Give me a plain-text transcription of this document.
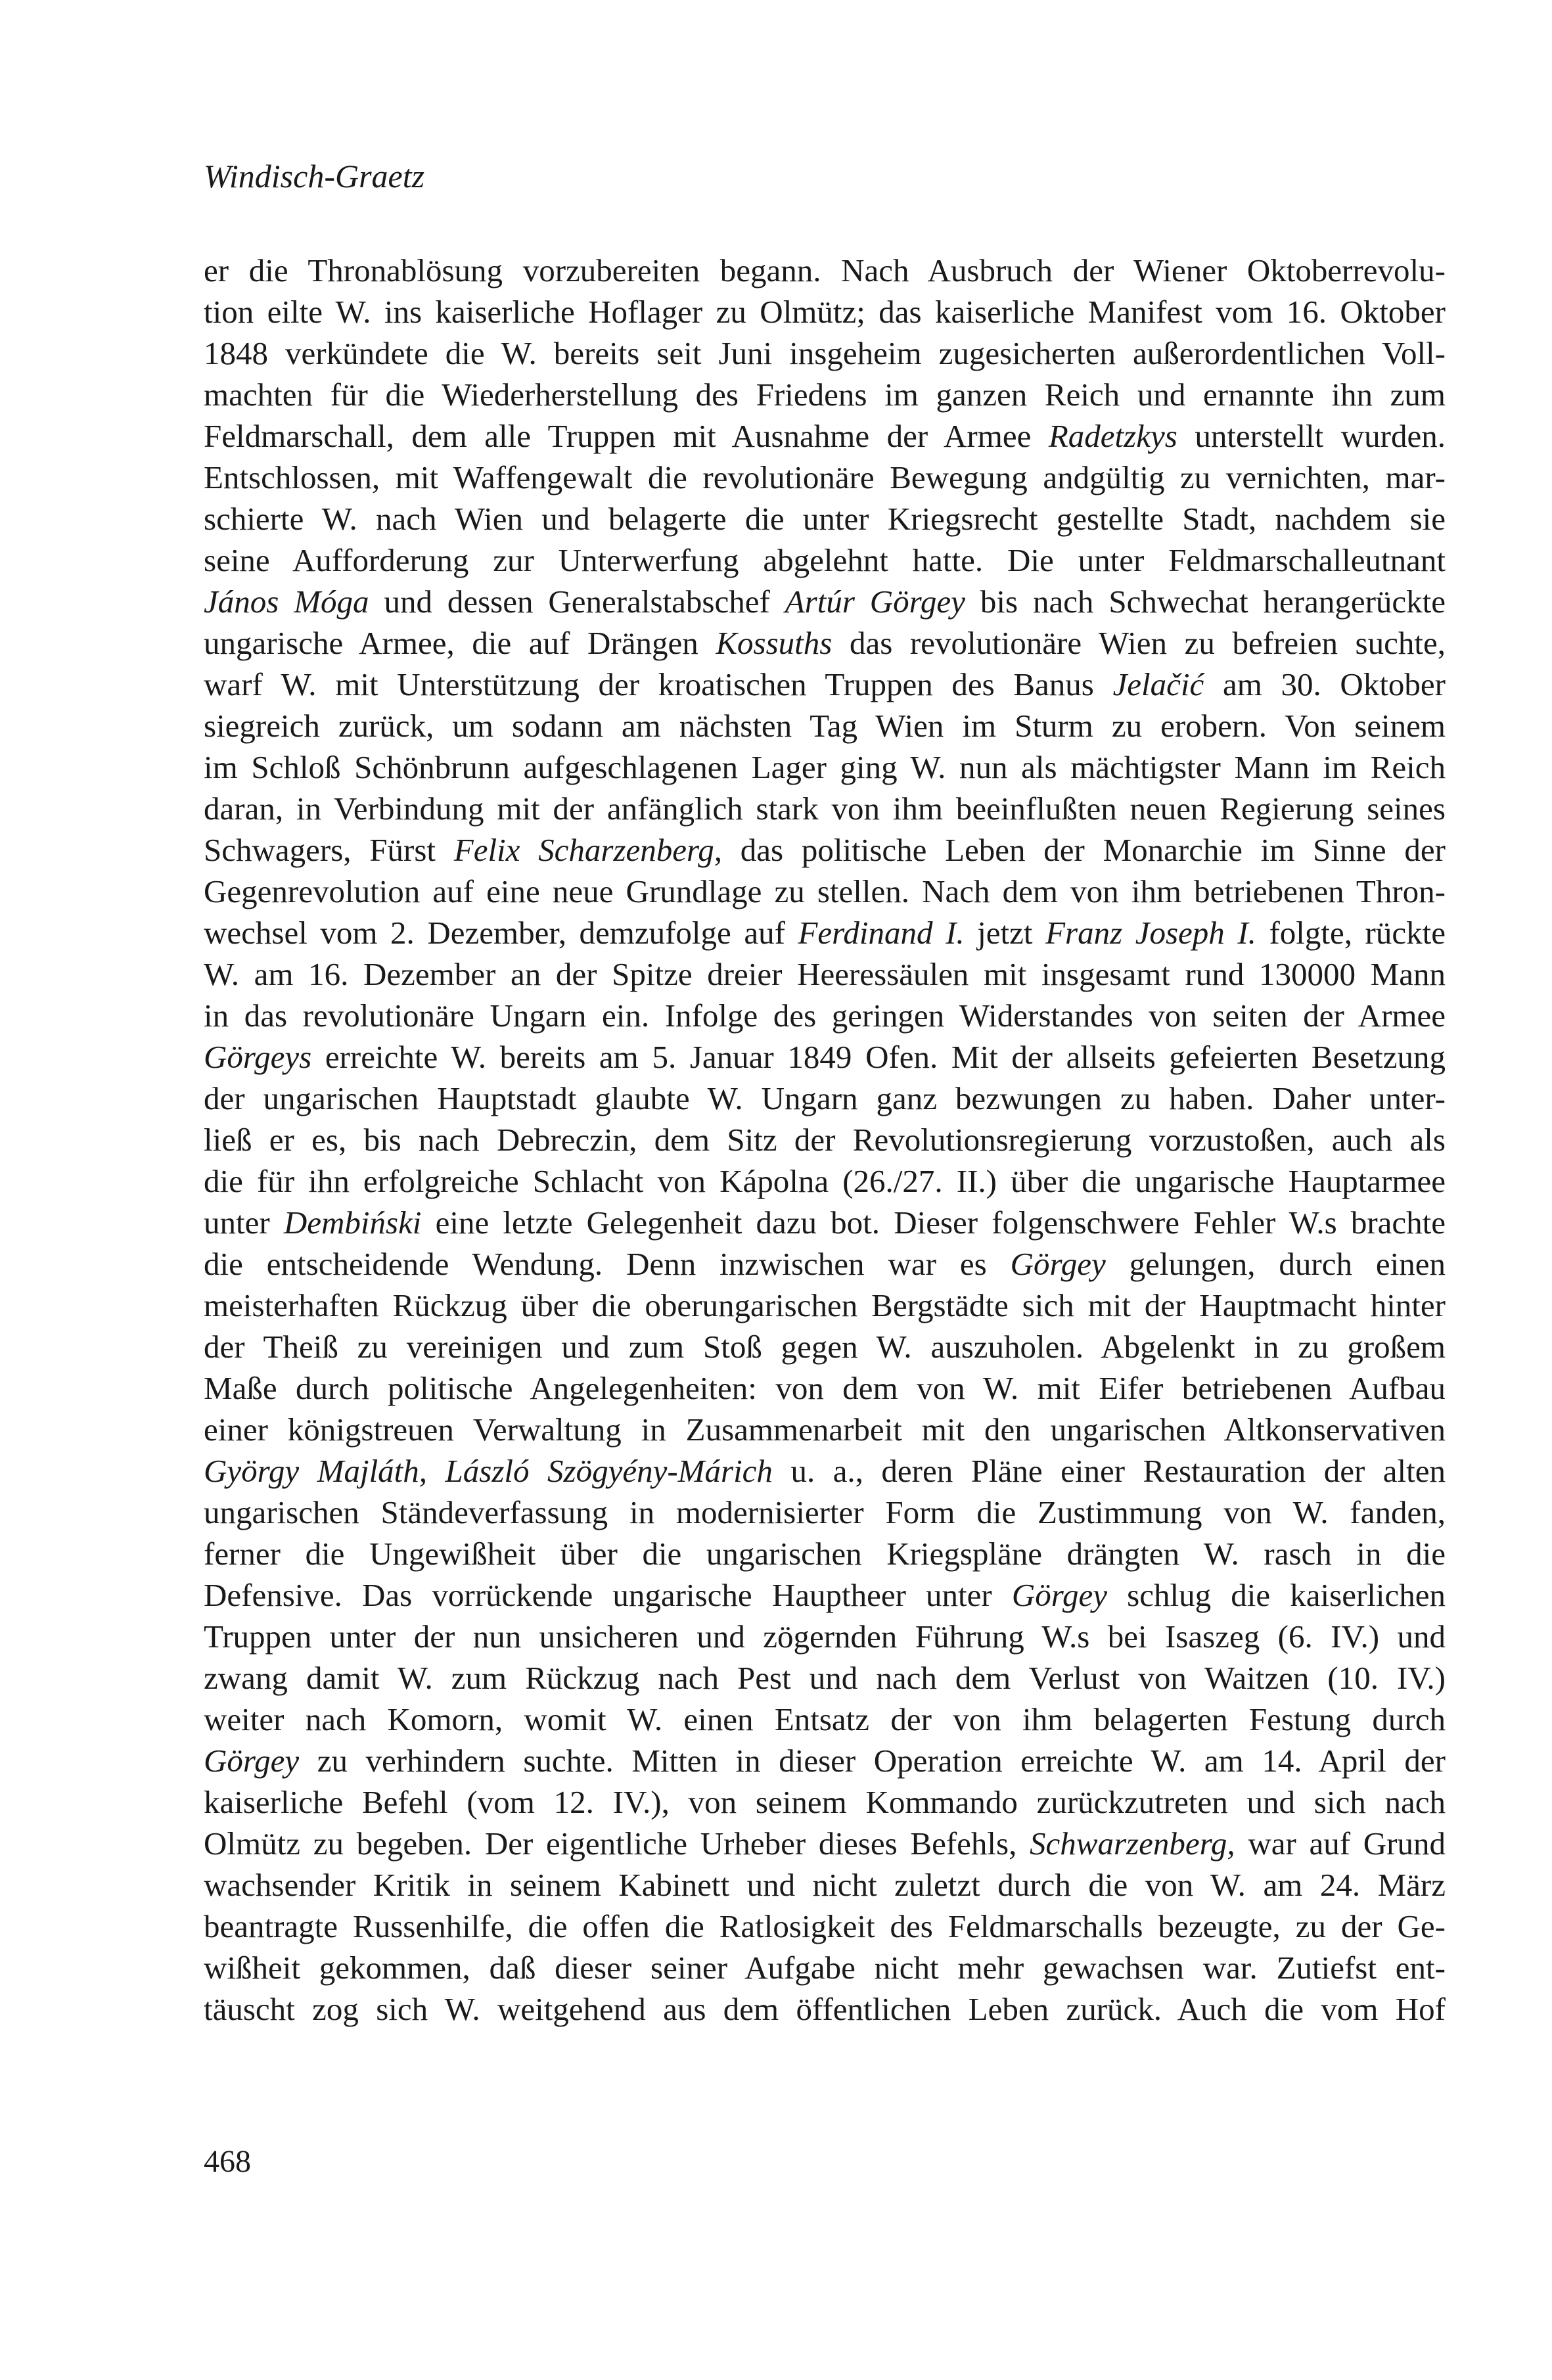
Windisch-Graetz
er die Thronablösung vorzubereiten begann. Nach Ausbruch der Wiener Oktoberrevolu-
tion eilte W. ins kaiserliche Hoflager zu Olmütz; das kaiserliche Manifest vom 16. Oktober
1848 verkündete die W. bereits seit Juni insgeheim zugesicherten außerordentlichen Voll-
machten für die Wiederherstellung des Friedens im ganzen Reich und ernannte ihn zum
Feldmarschall, dem alle Truppen mit Ausnahme der Armee Radetzkys unterstellt wurden.
Entschlossen, mit Waffengewalt die revolutionäre Bewegung andgültig zu vernichten, mar-
schierte W. nach Wien und belagerte die unter Kriegsrecht gestellte Stadt, nachdem sie
seine Aufforderung zur Unterwerfung abgelehnt hatte. Die unter Feldmarschalleutnant
János Móga und dessen Generalstabschef Artúr Görgey bis nach Schwechat herangerückte
ungarische Armee, die auf Drängen Kossuths das revolutionäre Wien zu befreien suchte,
warf W. mit Unterstützung der kroatischen Truppen des Banus Jelačić am 30. Oktober
siegreich zurück, um sodann am nächsten Tag Wien im Sturm zu erobern. Von seinem
im Schloß Schönbrunn aufgeschlagenen Lager ging W. nun als mächtigster Mann im Reich
daran, in Verbindung mit der anfänglich stark von ihm beeinflußten neuen Regierung seines
Schwagers, Fürst Felix Scharzenberg, das politische Leben der Monarchie im Sinne der
Gegenrevolution auf eine neue Grundlage zu stellen. Nach dem von ihm betriebenen Thron-
wechsel vom 2. Dezember, demzufolge auf Ferdinand I. jetzt Franz Joseph I. folgte, rückte
W. am 16. Dezember an der Spitze dreier Heeressäulen mit insgesamt rund 130000 Mann
in das revolutionäre Ungarn ein. Infolge des geringen Widerstandes von seiten der Armee
Görgeys erreichte W. bereits am 5. Januar 1849 Ofen. Mit der allseits gefeierten Besetzung
der ungarischen Hauptstadt glaubte W. Ungarn ganz bezwungen zu haben. Daher unter-
ließ er es, bis nach Debreczin, dem Sitz der Revolutionsregierung vorzustoßen, auch als
die für ihn erfolgreiche Schlacht von Kápolna (26./27. II.) über die ungarische Hauptarmee
unter Dembiński eine letzte Gelegenheit dazu bot. Dieser folgenschwere Fehler W.s brachte
die entscheidende Wendung. Denn inzwischen war es Görgey gelungen, durch einen
meisterhaften Rückzug über die oberungarischen Bergstädte sich mit der Hauptmacht hinter
der Theiß zu vereinigen und zum Stoß gegen W. auszuholen. Abgelenkt in zu großem
Maße durch politische Angelegenheiten: von dem von W. mit Eifer betriebenen Aufbau
einer königstreuen Verwaltung in Zusammenarbeit mit den ungarischen Altkonservativen
György Majláth, László Szögyény-Márich u. a., deren Pläne einer Restauration der alten
ungarischen Ständeverfassung in modernisierter Form die Zustimmung von W. fanden,
ferner die Ungewißheit über die ungarischen Kriegspläne drängten W. rasch in die
Defensive. Das vorrückende ungarische Hauptheer unter Görgey schlug die kaiserlichen
Truppen unter der nun unsicheren und zögernden Führung W.s bei Isaszeg (6. IV.) und
zwang damit W. zum Rückzug nach Pest und nach dem Verlust von Waitzen (10. IV.)
weiter nach Komorn, womit W. einen Entsatz der von ihm belagerten Festung durch
Görgey zu verhindern suchte. Mitten in dieser Operation erreichte W. am 14. April der
kaiserliche Befehl (vom 12. IV.), von seinem Kommando zurückzutreten und sich nach
Olmütz zu begeben. Der eigentliche Urheber dieses Befehls, Schwarzenberg, war auf Grund
wachsender Kritik in seinem Kabinett und nicht zuletzt durch die von W. am 24. März
beantragte Russenhilfe, die offen die Ratlosigkeit des Feldmarschalls bezeugte, zu der Ge-
wißheit gekommen, daß dieser seiner Aufgabe nicht mehr gewachsen war. Zutiefst ent-
täuscht zog sich W. weitgehend aus dem öffentlichen Leben zurück. Auch die vom Hof
468
